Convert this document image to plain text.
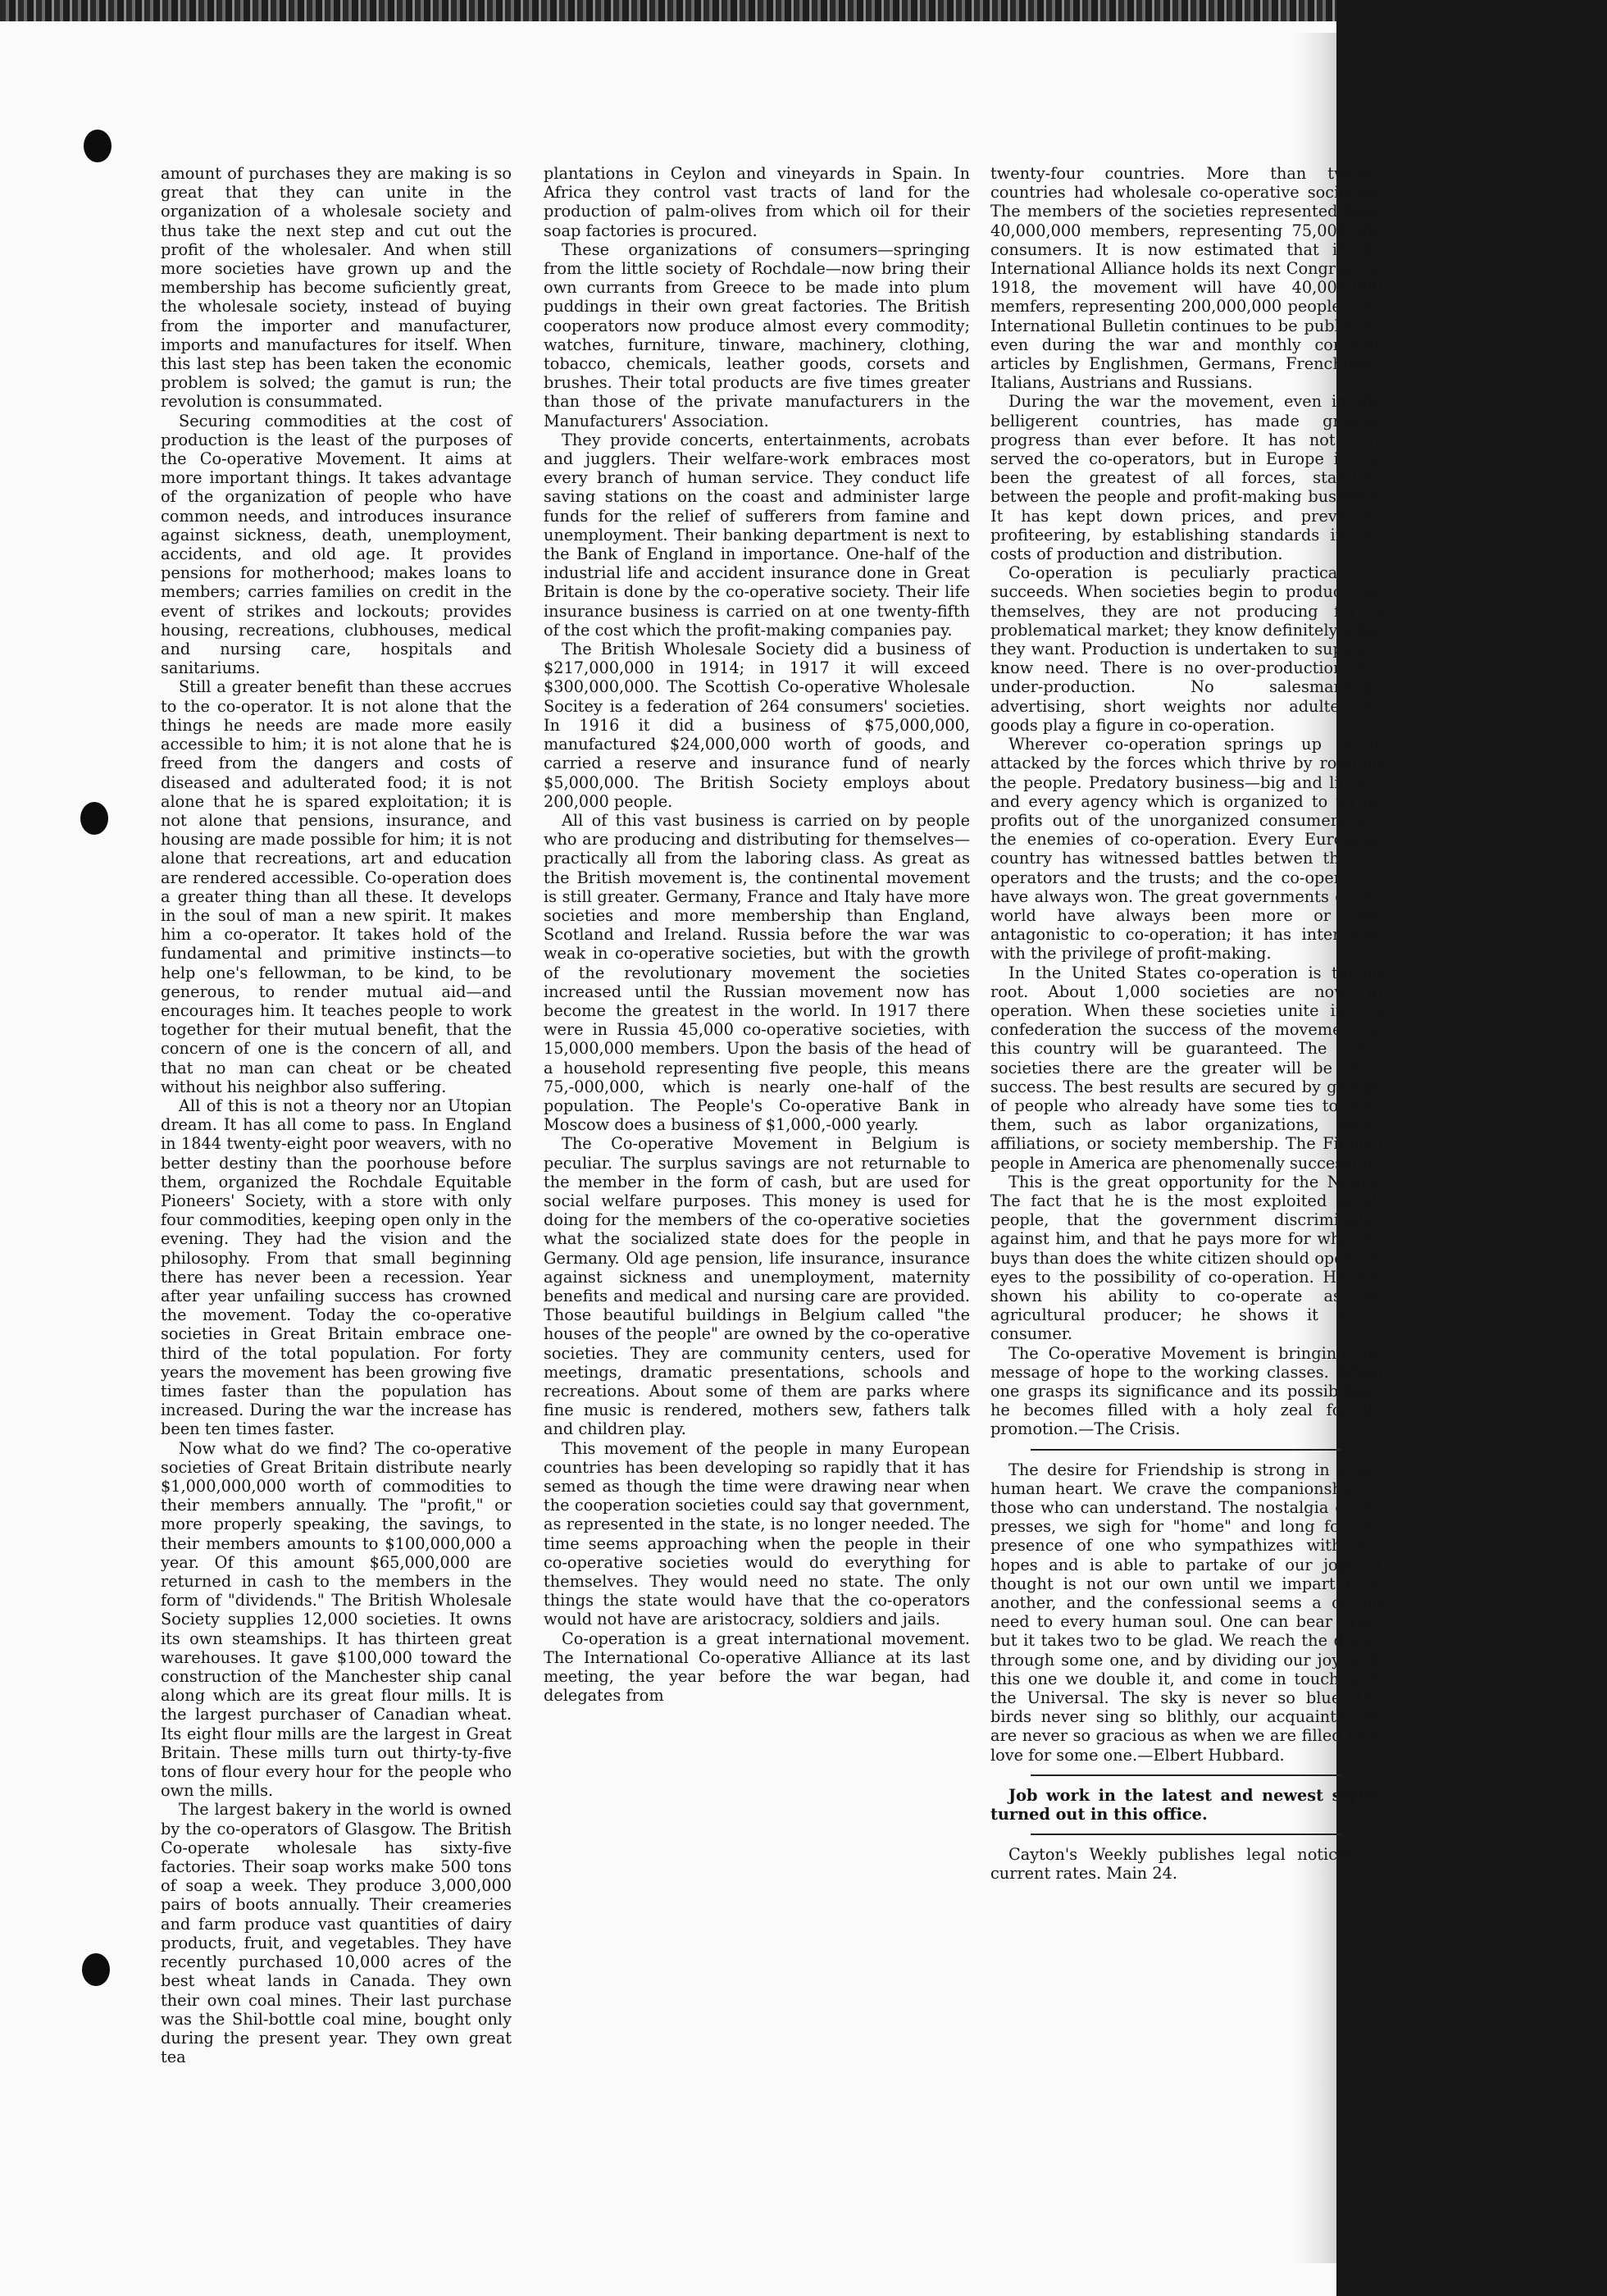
amount of purchases they are making is so great that they can unite in the organization of a wholesale society and thus take the next step and cut out the profit of the wholesaler. And when still more societies have grown up and the membership has become suficiently great, the wholesale society, instead of buying from the importer and manufacturer, imports and manufactures for itself. When this last step has been taken the economic problem is solved; the gamut is run; the revolution is consummated.

Securing commodities at the cost of production is the least of the purposes of the Co-operative Movement. It aims at more important things. It takes advantage of the organization of people who have common needs, and introduces insurance against sickness, death, unemployment, accidents, and old age. It provides pensions for motherhood; makes loans to members; carries families on credit in the event of strikes and lockouts; provides housing, recreations, clubhouses, medical and nursing care, hospitals and sanitariums.

Still a greater benefit than these accrues to the co-operator. It is not alone that the things he needs are made more easily accessible to him; it is not alone that he is freed from the dangers and costs of diseased and adulterated food; it is not alone that he is spared exploitation; it is not alone that pensions, insurance, and housing are made possible for him; it is not alone that recreations, art and education are rendered accessible. Co-operation does a greater thing than all these. It develops in the soul of man a new spirit. It makes him a co-operator. It takes hold of the fundamental and primitive instincts—to help one's fellowman, to be kind, to be generous, to render mutual aid—and encourages him. It teaches people to work together for their mutual benefit, that the concern of one is the concern of all, and that no man can cheat or be cheated without his neighbor also suffering.

All of this is not a theory nor an Utopian dream. It has all come to pass. In England in 1844 twenty-eight poor weavers, with no better destiny than the poorhouse before them, organized the Rochdale Equitable Pioneers' Society, with a store with only four commodities, keeping open only in the evening. They had the vision and the philosophy. From that small beginning there has never been a recession. Year after year unfailing success has crowned the movement. Today the co-operative societies in Great Britain embrace one-third of the total population. For forty years the movement has been growing five times faster than the population has increased. During the war the increase has been ten times faster.

Now what do we find? The co-operative societies of Great Britain distribute nearly $1,000,000,000 worth of commodities to their members annually. The "profit," or more properly speaking, the savings, to their members amounts to $100,000,000 a year. Of this amount $65,000,000 are returned in cash to the members in the form of "dividends." The British Wholesale Society supplies 12,000 societies. It owns its own steamships. It has thirteen great warehouses. It gave $100,000 toward the construction of the Manchester ship canal along which are its great flour mills. It is the largest purchaser of Canadian wheat. Its eight flour mills are the largest in Great Britain. These mills turn out thirty-ty-five tons of flour every hour for the people who own the mills.

The largest bakery in the world is owned by the co-operators of Glasgow. The British Co-operate wholesale has sixty-five factories. Their soap works make 500 tons of soap a week. They produce 3,000,000 pairs of boots annually. Their creameries and farm produce vast quantities of dairy products, fruit, and vegetables. They have recently purchased 10,000 acres of the best wheat lands in Canada. They own their own coal mines. Their last purchase was the Shil-bottle coal mine, bought only during the present year. They own great tea

plantations in Ceylon and vineyards in Spain. In Africa they control vast tracts of land for the production of palm-olives from which oil for their soap factories is procured.

These organizations of consumers—springing from the little society of Rochdale—now bring their own currants from Greece to be made into plum puddings in their own great factories. The British cooperators now produce almost every commodity; watches, furniture, tinware, machinery, clothing, tobacco, chemicals, leather goods, corsets and brushes. Their total products are five times greater than those of the private manufacturers in the Manufacturers' Association.

They provide concerts, entertainments, acrobats and jugglers. Their welfare-work embraces most every branch of human service. They conduct life saving stations on the coast and administer large funds for the relief of sufferers from famine and unemployment. Their banking department is next to the Bank of England in importance. One-half of the industrial life and accident insurance done in Great Britain is done by the co-operative society. Their life insurance business is carried on at one twenty-fifth of the cost which the profit-making companies pay.

The British Wholesale Society did a business of $217,000,000 in 1914; in 1917 it will exceed $300,000,000. The Scottish Co-operative Wholesale Socitey is a federation of 264 consumers' societies. In 1916 it did a business of $75,000,000, manufactured $24,000,000 worth of goods, and carried a reserve and insurance fund of nearly $5,000,000. The British Society employs about 200,000 people.

All of this vast business is carried on by people who are producing and distributing for themselves—practically all from the laboring class. As great as the British movement is, the continental movement is still greater. Germany, France and Italy have more societies and more membership than England, Scotland and Ireland. Russia before the war was weak in co-operative societies, but with the growth of the revolutionary movement the societies increased until the Russian movement now has become the greatest in the world. In 1917 there were in Russia 45,000 co-operative societies, with 15,000,000 members. Upon the basis of the head of a household representing five people, this means 75,-000,000, which is nearly one-half of the population. The People's Co-operative Bank in Moscow does a business of $1,000,-000 yearly.

The Co-operative Movement in Belgium is peculiar. The surplus savings are not returnable to the member in the form of cash, but are used for social welfare purposes. This money is used for doing for the members of the co-operative societies what the socialized state does for the people in Germany. Old age pension, life insurance, insurance against sickness and unemployment, maternity benefits and medical and nursing care are provided. Those beautiful buildings in Belgium called "the houses of the people" are owned by the co-operative societies. They are community centers, used for meetings, dramatic presentations, schools and recreations. About some of them are parks where fine music is rendered, mothers sew, fathers talk and children play.

This movement of the people in many European countries has been developing so rapidly that it has semed as though the time were drawing near when the cooperation societies could say that government, as represented in the state, is no longer needed. The time seems approaching when the people in their co-operative societies would do everything for themselves. They would need no state. The only things the state would have that the co-operators would not have are aristocracy, soldiers and jails.

Co-operation is a great international movement. The International Co-operative Alliance at its last meeting, the year before the war began, had delegates from

twenty-four countries. More than twenty countries had wholesale co-operative societies. The members of the societies represented have 40,000,000 members, representing 75,000,000 consumers. It is now estimated that if the International Alliance holds its next Congress in 1918, the movement will have 40,000,000 memfers, representing 200,000,000 people. The International Bulletin continues to be published even during the war and monthly contains articles by Englishmen, Germans, Frenchmen, Italians, Austrians and Russians.

During the war the movement, even in the belligerent countries, has made greater progress than ever before. It has not only served the co-operators, but in Europe it has been the greatest of all forces, standing between the people and profit-making business. It has kept down prices, and prevented profiteering, by establishing standards in the costs of production and distribution.

Co-operation is peculiarly practical. It succeeds. When societies begin to produce for themselves, they are not producing for a problematical market; they know definitely what they want. Production is undertaken to supply a know need. There is no over-production nor under-production. No salesmanship, advertising, short weights nor adulterated goods play a figure in co-operation.

Wherever co-operation springs up it is attacked by the forces which thrive by robbing the people. Predatory business—big and little—and every agency which is organized to wring profits out of the unorganized consumers are the enemies of co-operation. Every European country has witnessed battles betwen the co-operators and the trusts; and the co-operators have always won. The great governments of the world have always been more or less antagonistic to co-operation; it has interfered with the privilege of profit-making.

In the United States co-operation is taking root. About 1,000 societies are now in operation. When these societies unite into a confederation the success of the movement in this country will be guaranteed. The more societies there are the greater will be their success. The best results are secured by groups of people who already have some ties to bind them, such as labor organizations, racial affiliations, or society membership. The Finnish people in America are phenomenally successful.

This is the great opportunity for the Negro. The fact that he is the most exploited of all people, that the government discriminates against him, and that he pays more for what he buys than does the white citizen should open his eyes to the possibility of co-operation. He has shown his ability to co-operate as an agricultural producer; he shows it as a consumer.

The Co-operative Movement is bringing the message of hope to the working classes. When one grasps its significance and its possibilities he becomes filled with a holy zeal for its promotion.—The Crisis.

The desire for Friendship is strong in every human heart. We crave the companionship of those who can understand. The nostalgia of life presses, we sigh for "home" and long for the presence of one who sympathizes with our hopes and is able to partake of our joys. A thought is not our own until we impart it to another, and the confessional seems a crying need to every human soul. One can bear grief, but it takes two to be glad. We reach the divine through some one, and by dividing our joy with this one we double it, and come in touch with the Universal. The sky is never so blue, the birds never sing so blithly, our acquaintances are never so gracious as when we are filled with love for some one.—Elbert Hubbard.

Job work in the latest and newest styles turned out in this office.

Cayton's Weekly publishes legal notices at current rates. Main 24.
